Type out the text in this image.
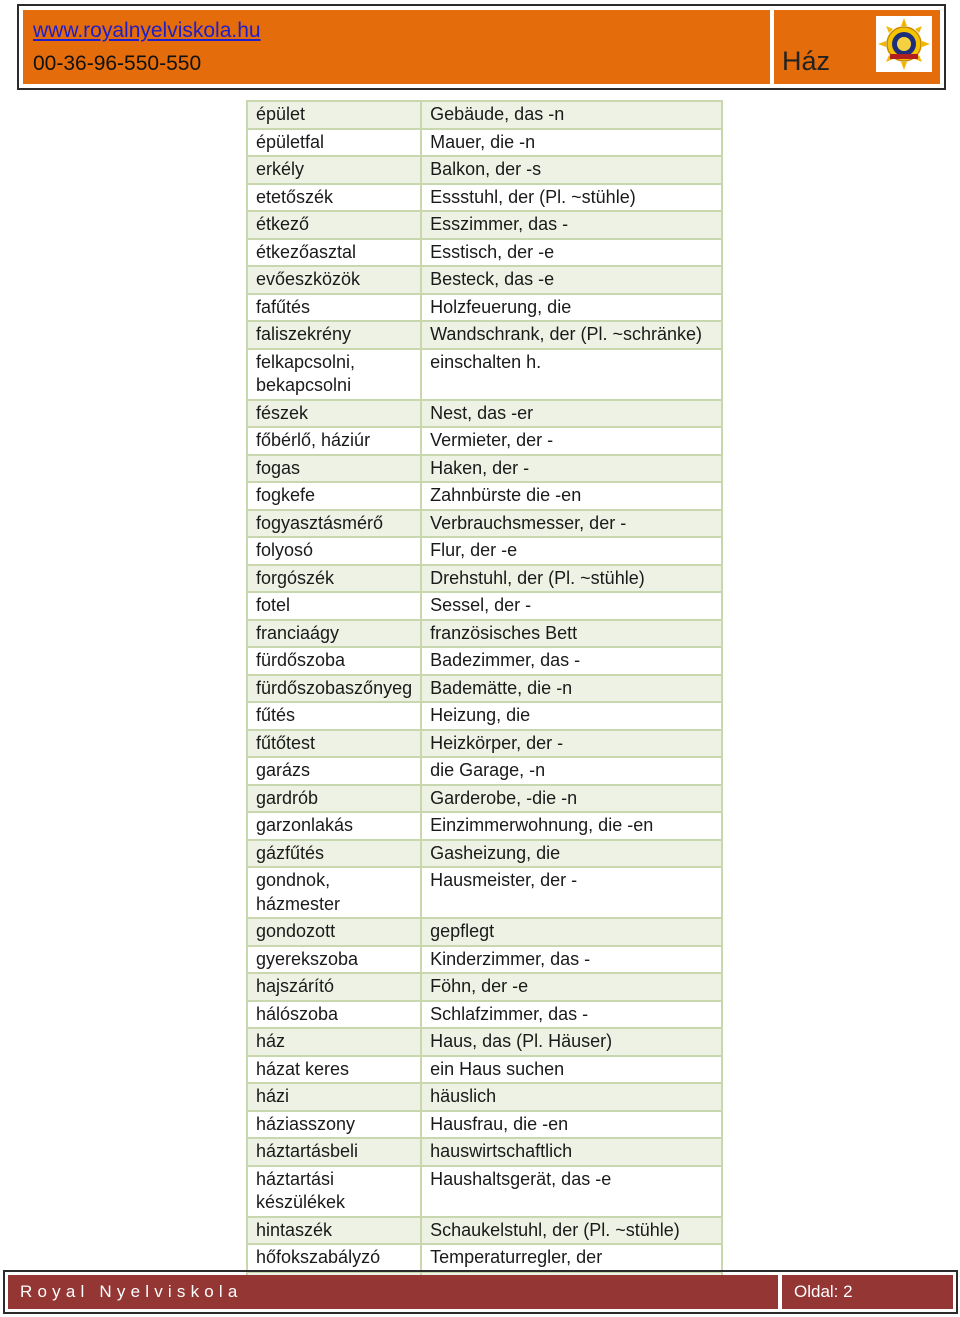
www.royalnyelviskola.hu
00-36-96-550-550	Ház
épület	Gebäude, das -n
épületfal	Mauer, die -n
erkély	Balkon, der -s
etetőszék	Essstuhl, der (Pl. ~stühle)
étkező	Esszimmer, das -
étkezőasztal	Esstisch, der -e
evőeszközök	Besteck, das -e
fafűtés	Holzfeuerung, die
faliszekrény	Wandschrank, der (Pl. ~schränke)
felkapcsolni, bekapcsolni	einschalten h.
fészek	Nest, das -er
főbérlő, háziúr	Vermieter, der -
fogas	Haken, der -
fogkefe	Zahnbürste die -en
fogyasztásmérő	Verbrauchsmesser, der -
folyosó	Flur, der -e
forgószék	Drehstuhl, der (Pl. ~stühle)
fotel	Sessel, der -
franciaágy	französisches Bett
fürdőszoba	Badezimmer, das -
fürdőszobaszőnyeg	Bademätte, die -n
fűtés	Heizung, die
fűtőtest	Heizkörper, der -
garázs	die Garage, -n
gardrób	Garderobe, -die -n
garzonlakás	Einzimmerwohnung, die -en
gázfűtés	Gasheizung, die
gondnok, házmester	Hausmeister, der -
gondozott	gepflegt
gyerekszoba	Kinderzimmer, das -
hajszárító	Föhn, der -e
hálószoba	Schlafzimmer, das -
ház	Haus, das (Pl. Häuser)
házat keres	ein Haus suchen
házi	häuslich
háziasszony	Hausfrau, die -en
háztartásbeli	hauswirtschaftlich
háztartási készülékek	Haushaltsgerät, das -e
hintaszék	Schaukelstuhl, der (Pl. ~stühle)
hőfokszabályzó	Temperaturregler, der

Royal Nyelviskola	Oldal: 2
